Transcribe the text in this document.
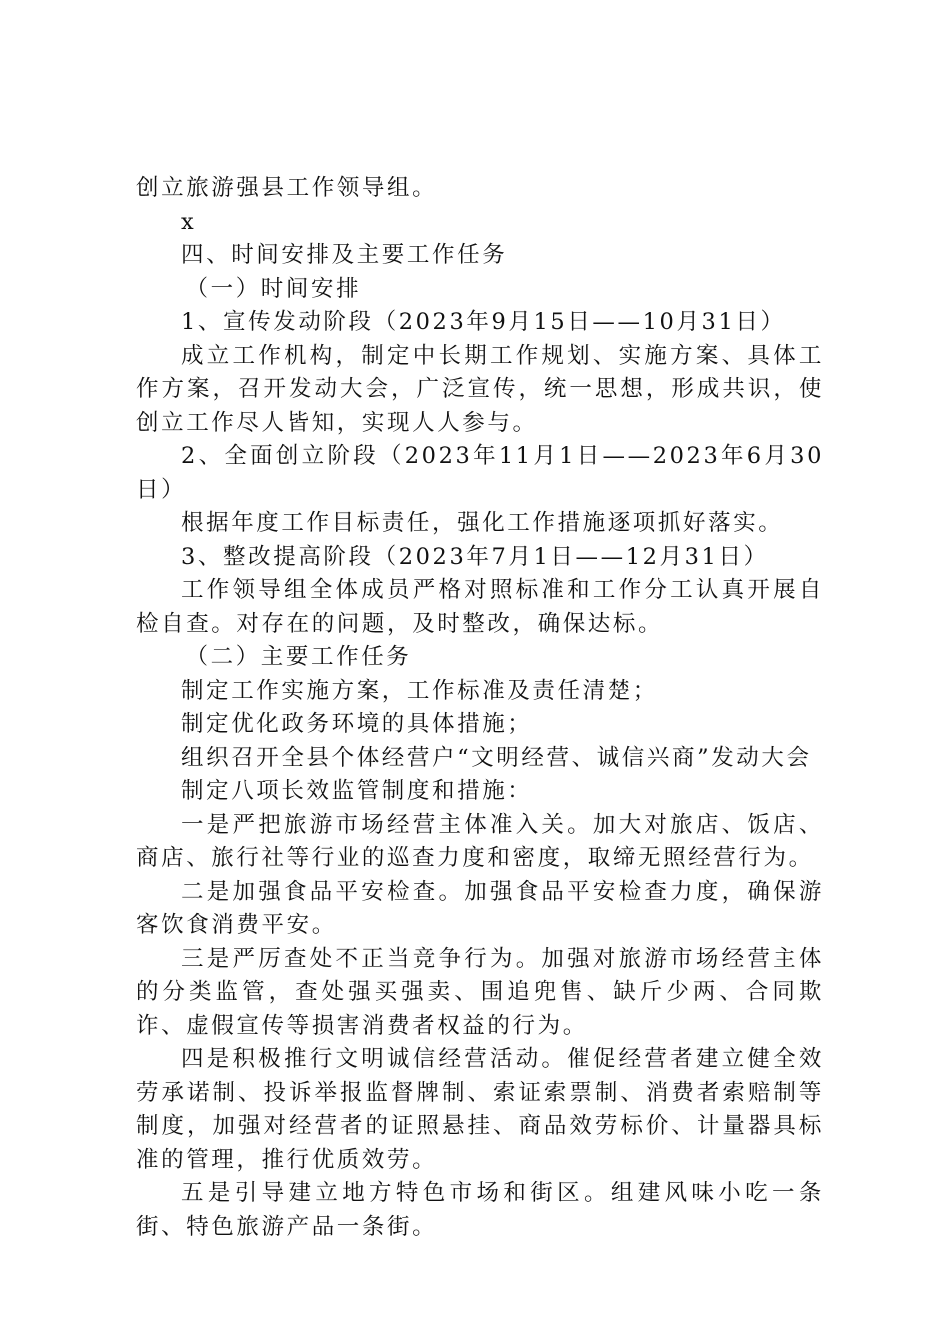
创立旅游强县工作领导组。

x

四、时间安排及主要工作任务

（一）时间安排

1、宣传发动阶段（2023年9月15日——10月31日）

成立工作机构，制定中长期工作规划、实施方案、具体工作方案，召开发动大会，广泛宣传，统一思想，形成共识，使创立工作尽人皆知，实现人人参与。

2、全面创立阶段（2023年11月1日——2023年6月30日）

根据年度工作目标责任，强化工作措施逐项抓好落实。

3、整改提高阶段（2023年7月1日——12月31日）

工作领导组全体成员严格对照标准和工作分工认真开展自检自查。对存在的问题，及时整改，确保达标。

（二）主要工作任务

制定工作实施方案，工作标准及责任清楚；

制定优化政务环境的具体措施；

组织召开全县个体经营户“文明经营、诚信兴商”发动大会

制定八项长效监管制度和措施：

一是严把旅游市场经营主体准入关。加大对旅店、饭店、商店、旅行社等行业的巡查力度和密度，取缔无照经营行为。

二是加强食品平安检查。加强食品平安检查力度，确保游客饮食消费平安。

三是严厉查处不正当竞争行为。加强对旅游市场经营主体的分类监管，查处强买强卖、围追兜售、缺斤少两、合同欺诈、虚假宣传等损害消费者权益的行为。

四是积极推行文明诚信经营活动。催促经营者建立健全效劳承诺制、投诉举报监督牌制、索证索票制、消费者索赔制等制度，加强对经营者的证照悬挂、商品效劳标价、计量器具标准的管理，推行优质效劳。

五是引导建立地方特色市场和街区。组建风味小吃一条街、特色旅游产品一条街。
